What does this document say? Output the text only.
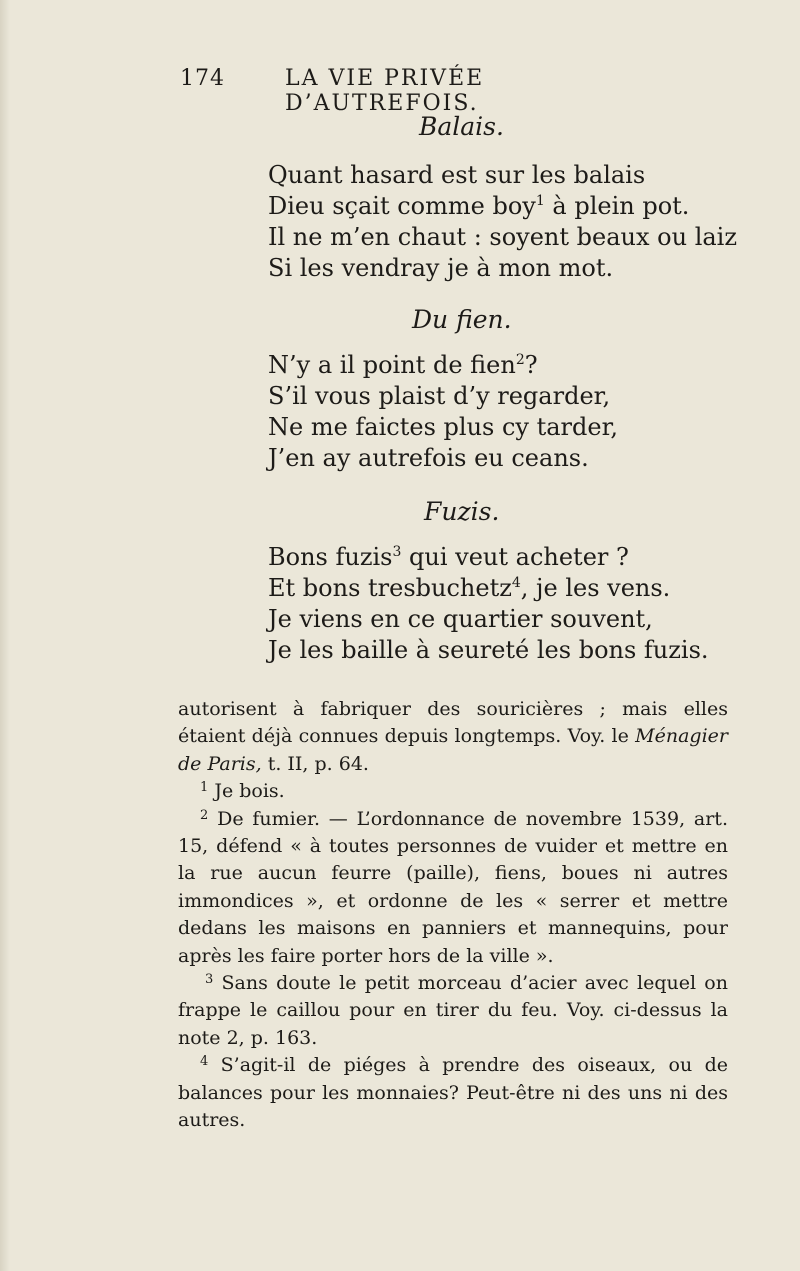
174	LA VIE PRIVÉE D’AUTREFOIS.
Balais.
Quant hasard est sur les balais
Dieu sçait comme boy$^1$ à plein pot.
Il ne m’en chaut : soyent beaux ou laiz
Si les vendray je à mon mot.
Du fien.
N’y a il point de fien$^2$?
S’il vous plaist d’y regarder,
Ne me faictes plus cy tarder,
J’en ay autrefois eu ceans.
Fuzis.
Bons fuzis$^3$ qui veut acheter ?
Et bons tresbuchetz$^4$, je les vens.
Je viens en ce quartier souvent,
Je les baille à seureté les bons fuzis.

autorisent à fabriquer des souricières ; mais elles étaient déjà connues depuis longtemps. Voy. le Ménagier de Paris, t. II, p. 64.

$^1$ Je bois.

$^2$ De fumier. — L’ordonnance de novembre 1539, art. 15, défend « à toutes personnes de vuider et mettre en la rue aucun feurre (paille), fiens, boues ni autres immondices », et ordonne de les « serrer et mettre dedans les maisons en panniers et mannequins, pour après les faire porter hors de la ville ».

$^3$ Sans doute le petit morceau d’acier avec lequel on frappe le caillou pour en tirer du feu. Voy. ci-dessus la note 2, p. 163.

$^4$ S’agit-il de piéges à prendre des oiseaux, ou de balances pour les monnaies? Peut-être ni des uns ni des autres.
